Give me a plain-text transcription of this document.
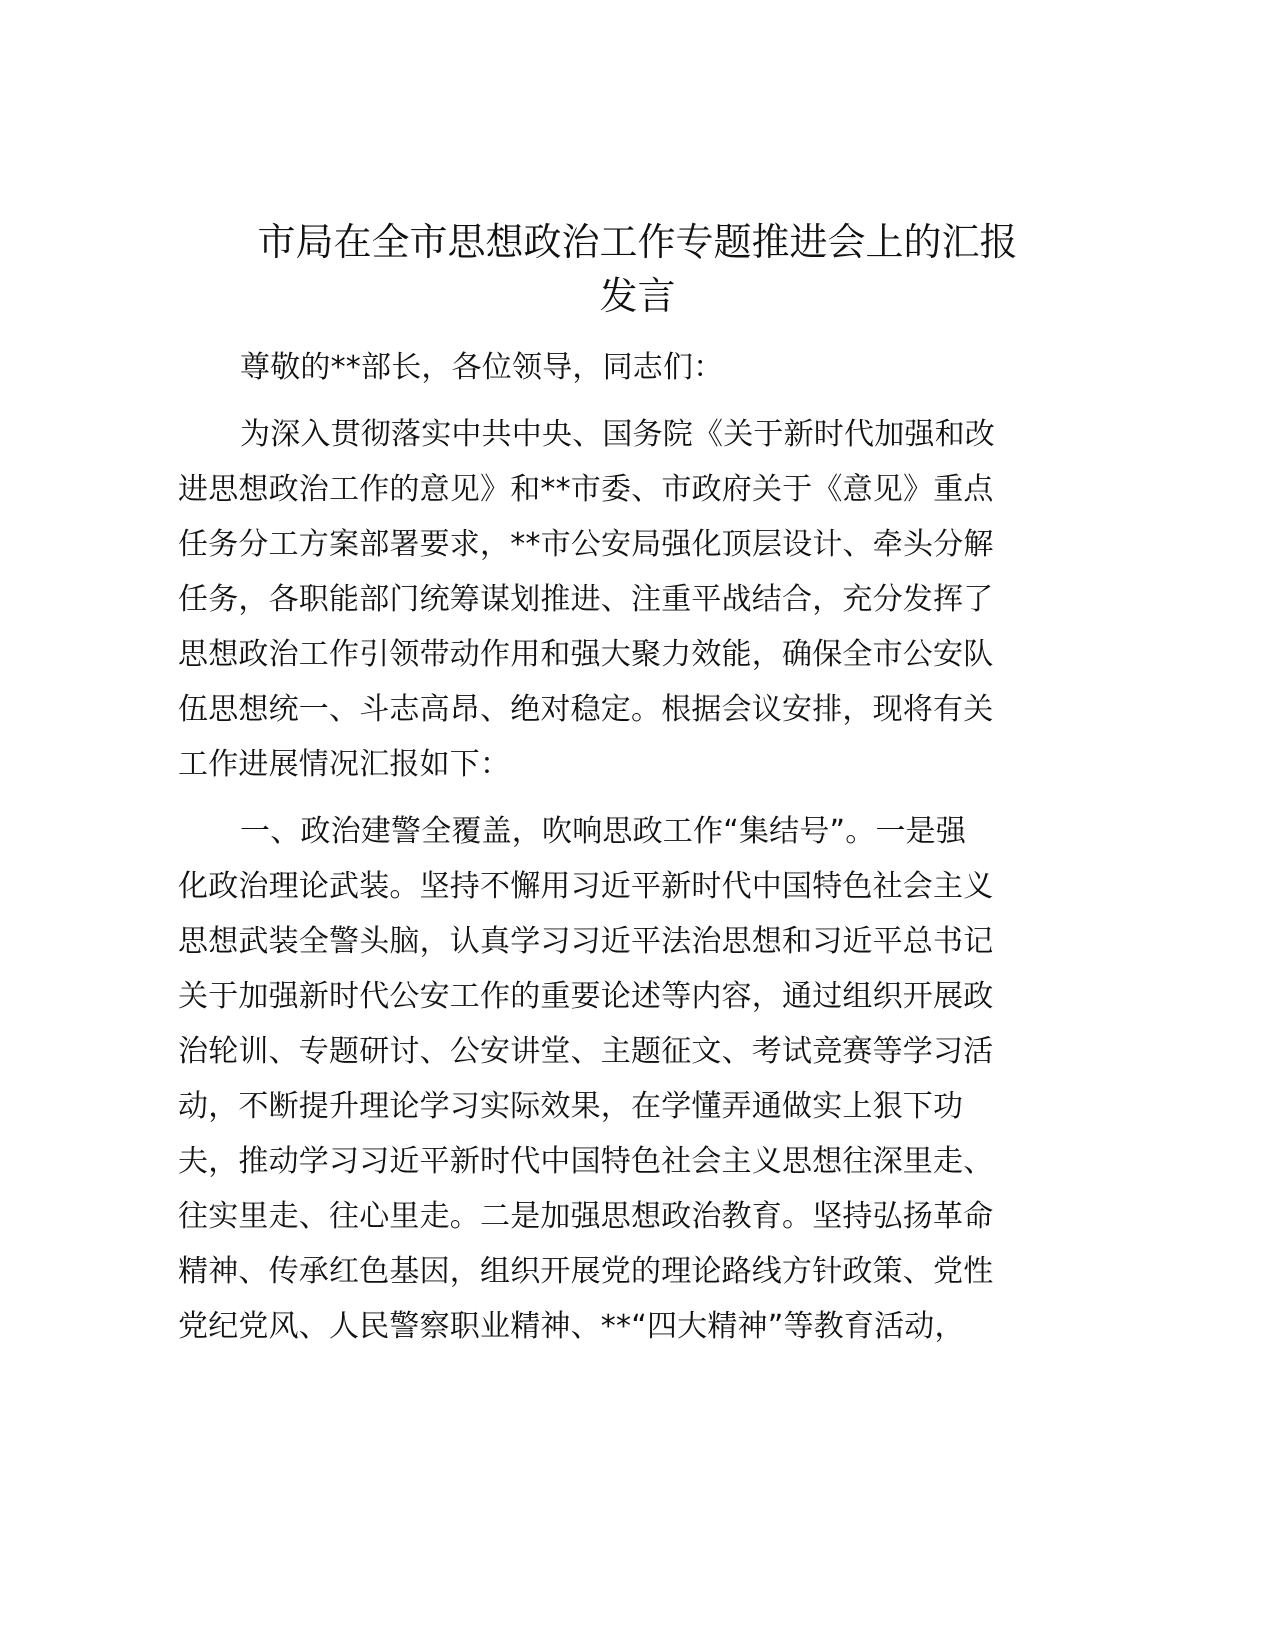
市局在全市思想政治工作专题推进会上的汇报
发言
尊敬的**部长，各位领导，同志们：
为深入贯彻落实中共中央、国务院《关于新时代加强和改
进思想政治工作的意见》和**市委、市政府关于《意见》重点
任务分工方案部署要求，**市公安局强化顶层设计、牵头分解
任务，各职能部门统筹谋划推进、注重平战结合，充分发挥了
思想政治工作引领带动作用和强大聚力效能，确保全市公安队
伍思想统一、斗志高昂、绝对稳定。根据会议安排，现将有关
工作进展情况汇报如下：
一、政治建警全覆盖，吹响思政工作“集结号”。一是强
化政治理论武装。坚持不懈用习近平新时代中国特色社会主义
思想武装全警头脑，认真学习习近平法治思想和习近平总书记
关于加强新时代公安工作的重要论述等内容，通过组织开展政
治轮训、专题研讨、公安讲堂、主题征文、考试竞赛等学习活
动，不断提升理论学习实际效果，在学懂弄通做实上狠下功
夫，推动学习习近平新时代中国特色社会主义思想往深里走、
往实里走、往心里走。二是加强思想政治教育。坚持弘扬革命
精神、传承红色基因，组织开展党的理论路线方针政策、党性
党纪党风、人民警察职业精神、**“四大精神”等教育活动，
